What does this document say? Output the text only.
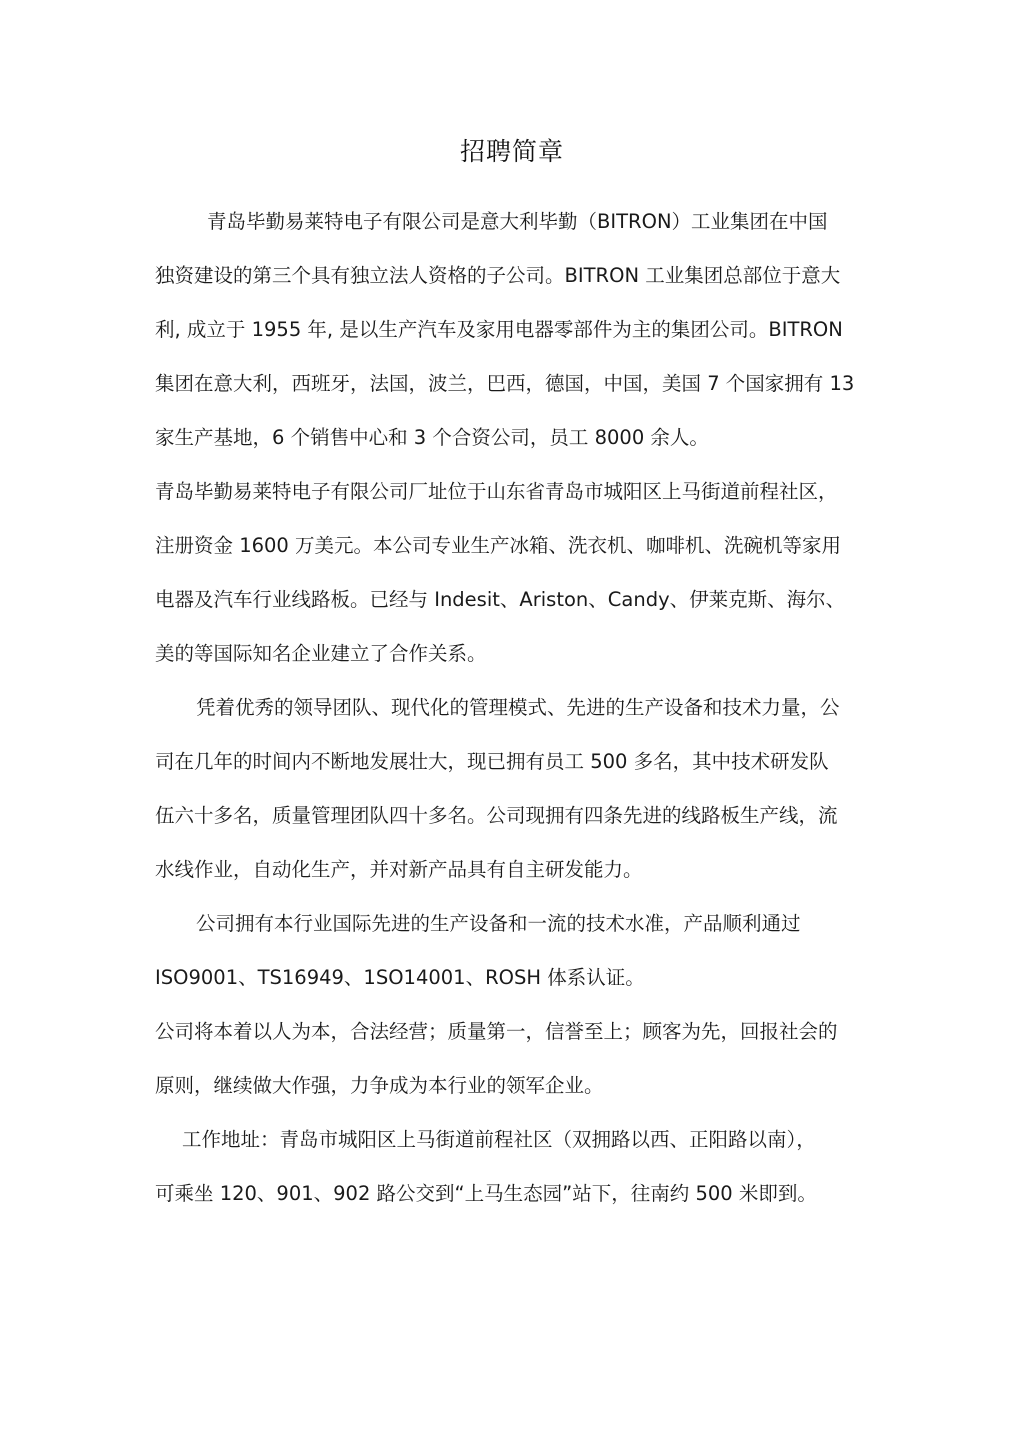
招聘简章
青岛毕勤易莱特电子有限公司是意大利毕勤（BITRON）工业集团在中国
独资建设的第三个具有独立法人资格的子公司。BITRON 工业集团总部位于意大
利, 成立于 1955 年, 是以生产汽车及家用电器零部件为主的集团公司。BITRON
集团在意大利，西班牙，法国，波兰，巴西，德国，中国，美国 7 个国家拥有 13
家生产基地，6 个销售中心和 3 个合资公司，员工 8000 余人。
青岛毕勤易莱特电子有限公司厂址位于山东省青岛市城阳区上马街道前程社区，
注册资金 1600 万美元。本公司专业生产冰箱、洗衣机、咖啡机、洗碗机等家用
电器及汽车行业线路板。已经与 Indesit、Ariston、Candy、伊莱克斯、海尔、
美的等国际知名企业建立了合作关系。
凭着优秀的领导团队、现代化的管理模式、先进的生产设备和技术力量，公
司在几年的时间内不断地发展壮大，现已拥有员工 500 多名，其中技术研发队
伍六十多名，质量管理团队四十多名。公司现拥有四条先进的线路板生产线，流
水线作业，自动化生产，并对新产品具有自主研发能力。
公司拥有本行业国际先进的生产设备和一流的技术水准，产品顺利通过
ISO9001、TS16949、1SO14001、ROSH 体系认证。
公司将本着以人为本，合法经营；质量第一，信誉至上；顾客为先，回报社会的
原则，继续做大作强，力争成为本行业的领军企业。
工作地址：青岛市城阳区上马街道前程社区（双拥路以西、正阳路以南），
可乘坐 120、901、902 路公交到“上马生态园”站下，往南约 500 米即到。
